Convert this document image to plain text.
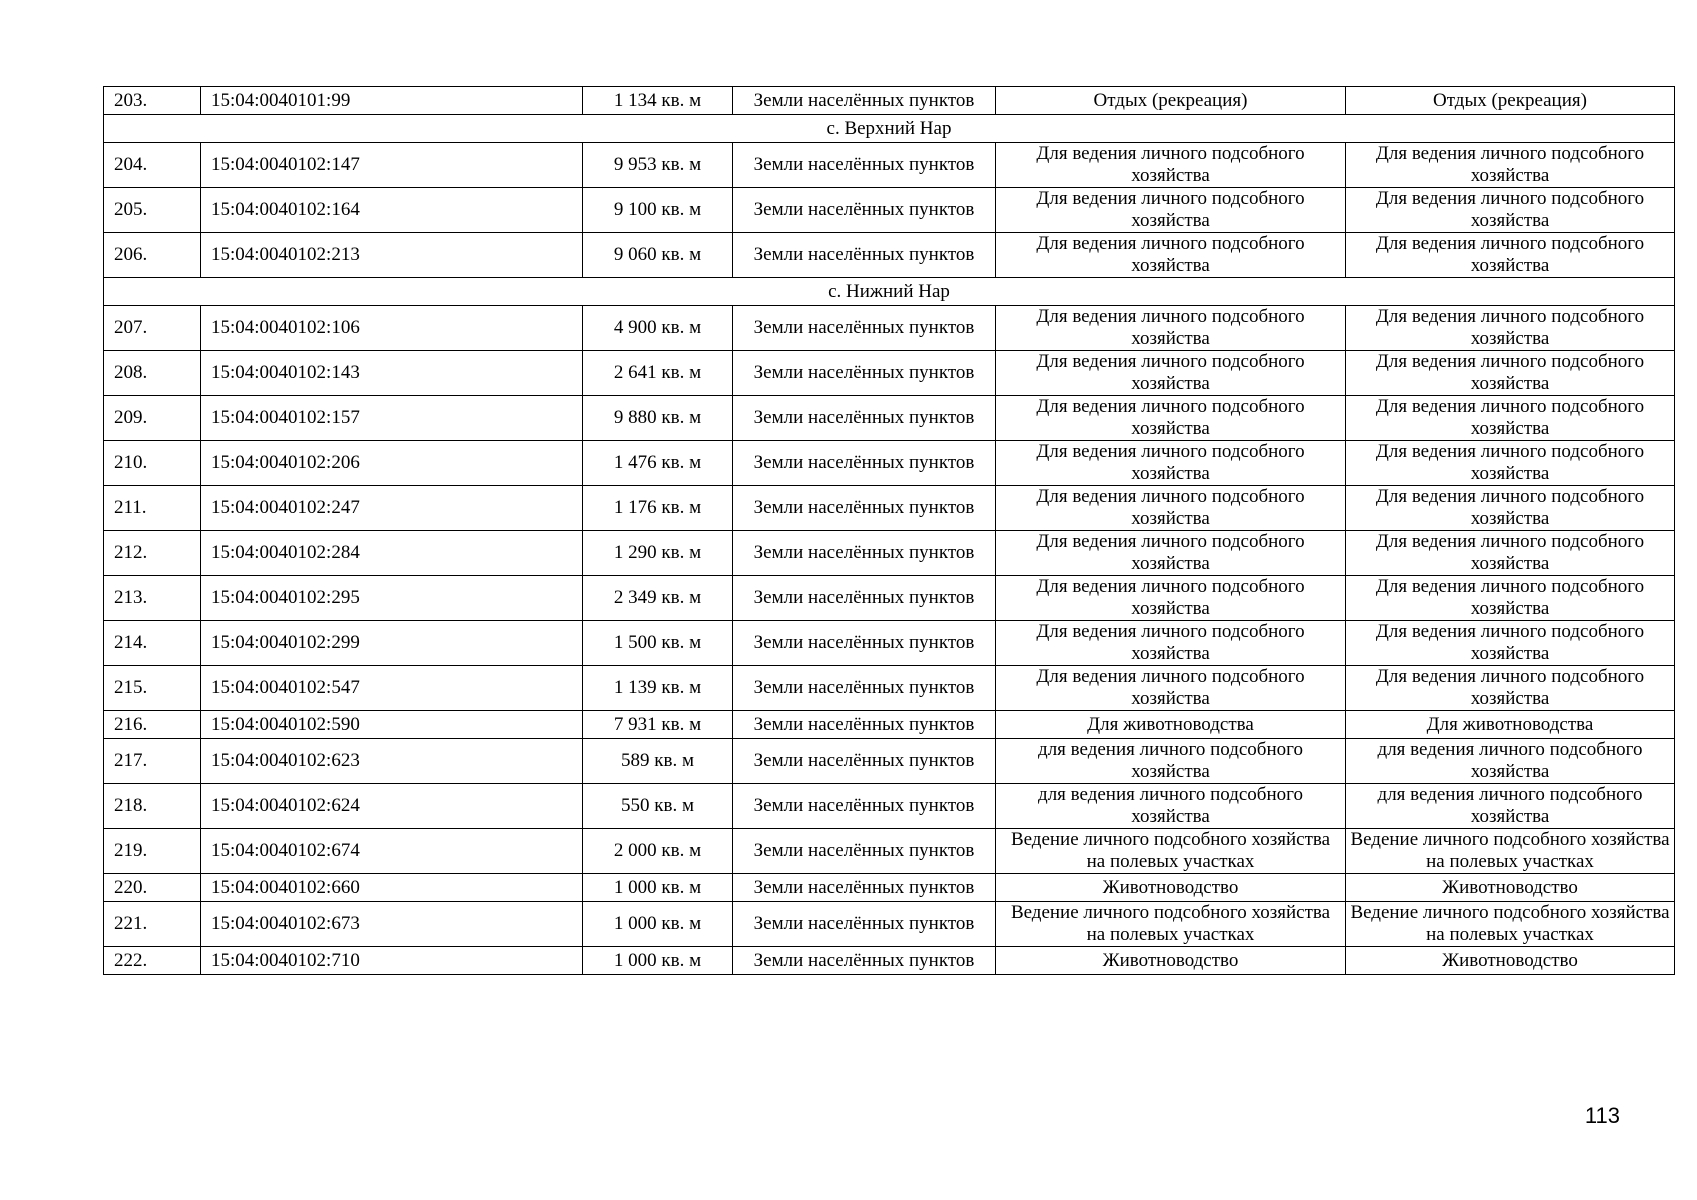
203.	15:04:0040101:99	1 134 кв. м	Земли населённых пунктов	Отдых (рекреация)	Отдых (рекреация)
с. Верхний Нар					
204.	15:04:0040102:147	9 953 кв. м	Земли населённых пунктов	Для ведения личного подсобного хозяйства	Для ведения личного подсобного хозяйства
205.	15:04:0040102:164	9 100 кв. м	Земли населённых пунктов	Для ведения личного подсобного хозяйства	Для ведения личного подсобного хозяйства
206.	15:04:0040102:213	9 060 кв. м	Земли населённых пунктов	Для ведения личного подсобного хозяйства	Для ведения личного подсобного хозяйства
с. Нижний Нар					
207.	15:04:0040102:106	4 900 кв. м	Земли населённых пунктов	Для ведения личного подсобного хозяйства	Для ведения личного подсобного хозяйства
208.	15:04:0040102:143	2 641 кв. м	Земли населённых пунктов	Для ведения личного подсобного хозяйства	Для ведения личного подсобного хозяйства
209.	15:04:0040102:157	9 880 кв. м	Земли населённых пунктов	Для ведения личного подсобного хозяйства	Для ведения личного подсобного хозяйства
210.	15:04:0040102:206	1 476 кв. м	Земли населённых пунктов	Для ведения личного подсобного хозяйства	Для ведения личного подсобного хозяйства
211.	15:04:0040102:247	1 176 кв. м	Земли населённых пунктов	Для ведения личного подсобного хозяйства	Для ведения личного подсобного хозяйства
212.	15:04:0040102:284	1 290 кв. м	Земли населённых пунктов	Для ведения личного подсобного хозяйства	Для ведения личного подсобного хозяйства
213.	15:04:0040102:295	2 349 кв. м	Земли населённых пунктов	Для ведения личного подсобного хозяйства	Для ведения личного подсобного хозяйства
214.	15:04:0040102:299	1 500 кв. м	Земли населённых пунктов	Для ведения личного подсобного хозяйства	Для ведения личного подсобного хозяйства
215.	15:04:0040102:547	1 139 кв. м	Земли населённых пунктов	Для ведения личного подсобного хозяйства	Для ведения личного подсобного хозяйства
216.	15:04:0040102:590	7 931 кв. м	Земли населённых пунктов	Для животноводства	Для животноводства
217.	15:04:0040102:623	589 кв. м	Земли населённых пунктов	для ведения личного подсобного хозяйства	для ведения личного подсобного хозяйства
218.	15:04:0040102:624	550 кв. м	Земли населённых пунктов	для ведения личного подсобного хозяйства	для ведения личного подсобного хозяйства
219.	15:04:0040102:674	2 000 кв. м	Земли населённых пунктов	Ведение личного подсобного хозяйства на полевых участках	Ведение личного подсобного хозяйства на полевых участках
220.	15:04:0040102:660	1 000 кв. м	Земли населённых пунктов	Животноводство	Животноводство
221.	15:04:0040102:673	1 000 кв. м	Земли населённых пунктов	Ведение личного подсобного хозяйства на полевых участках	Ведение личного подсобного хозяйства на полевых участках
222.	15:04:0040102:710	1 000 кв. м	Земли населённых пунктов	Животноводство	Животноводство
113
